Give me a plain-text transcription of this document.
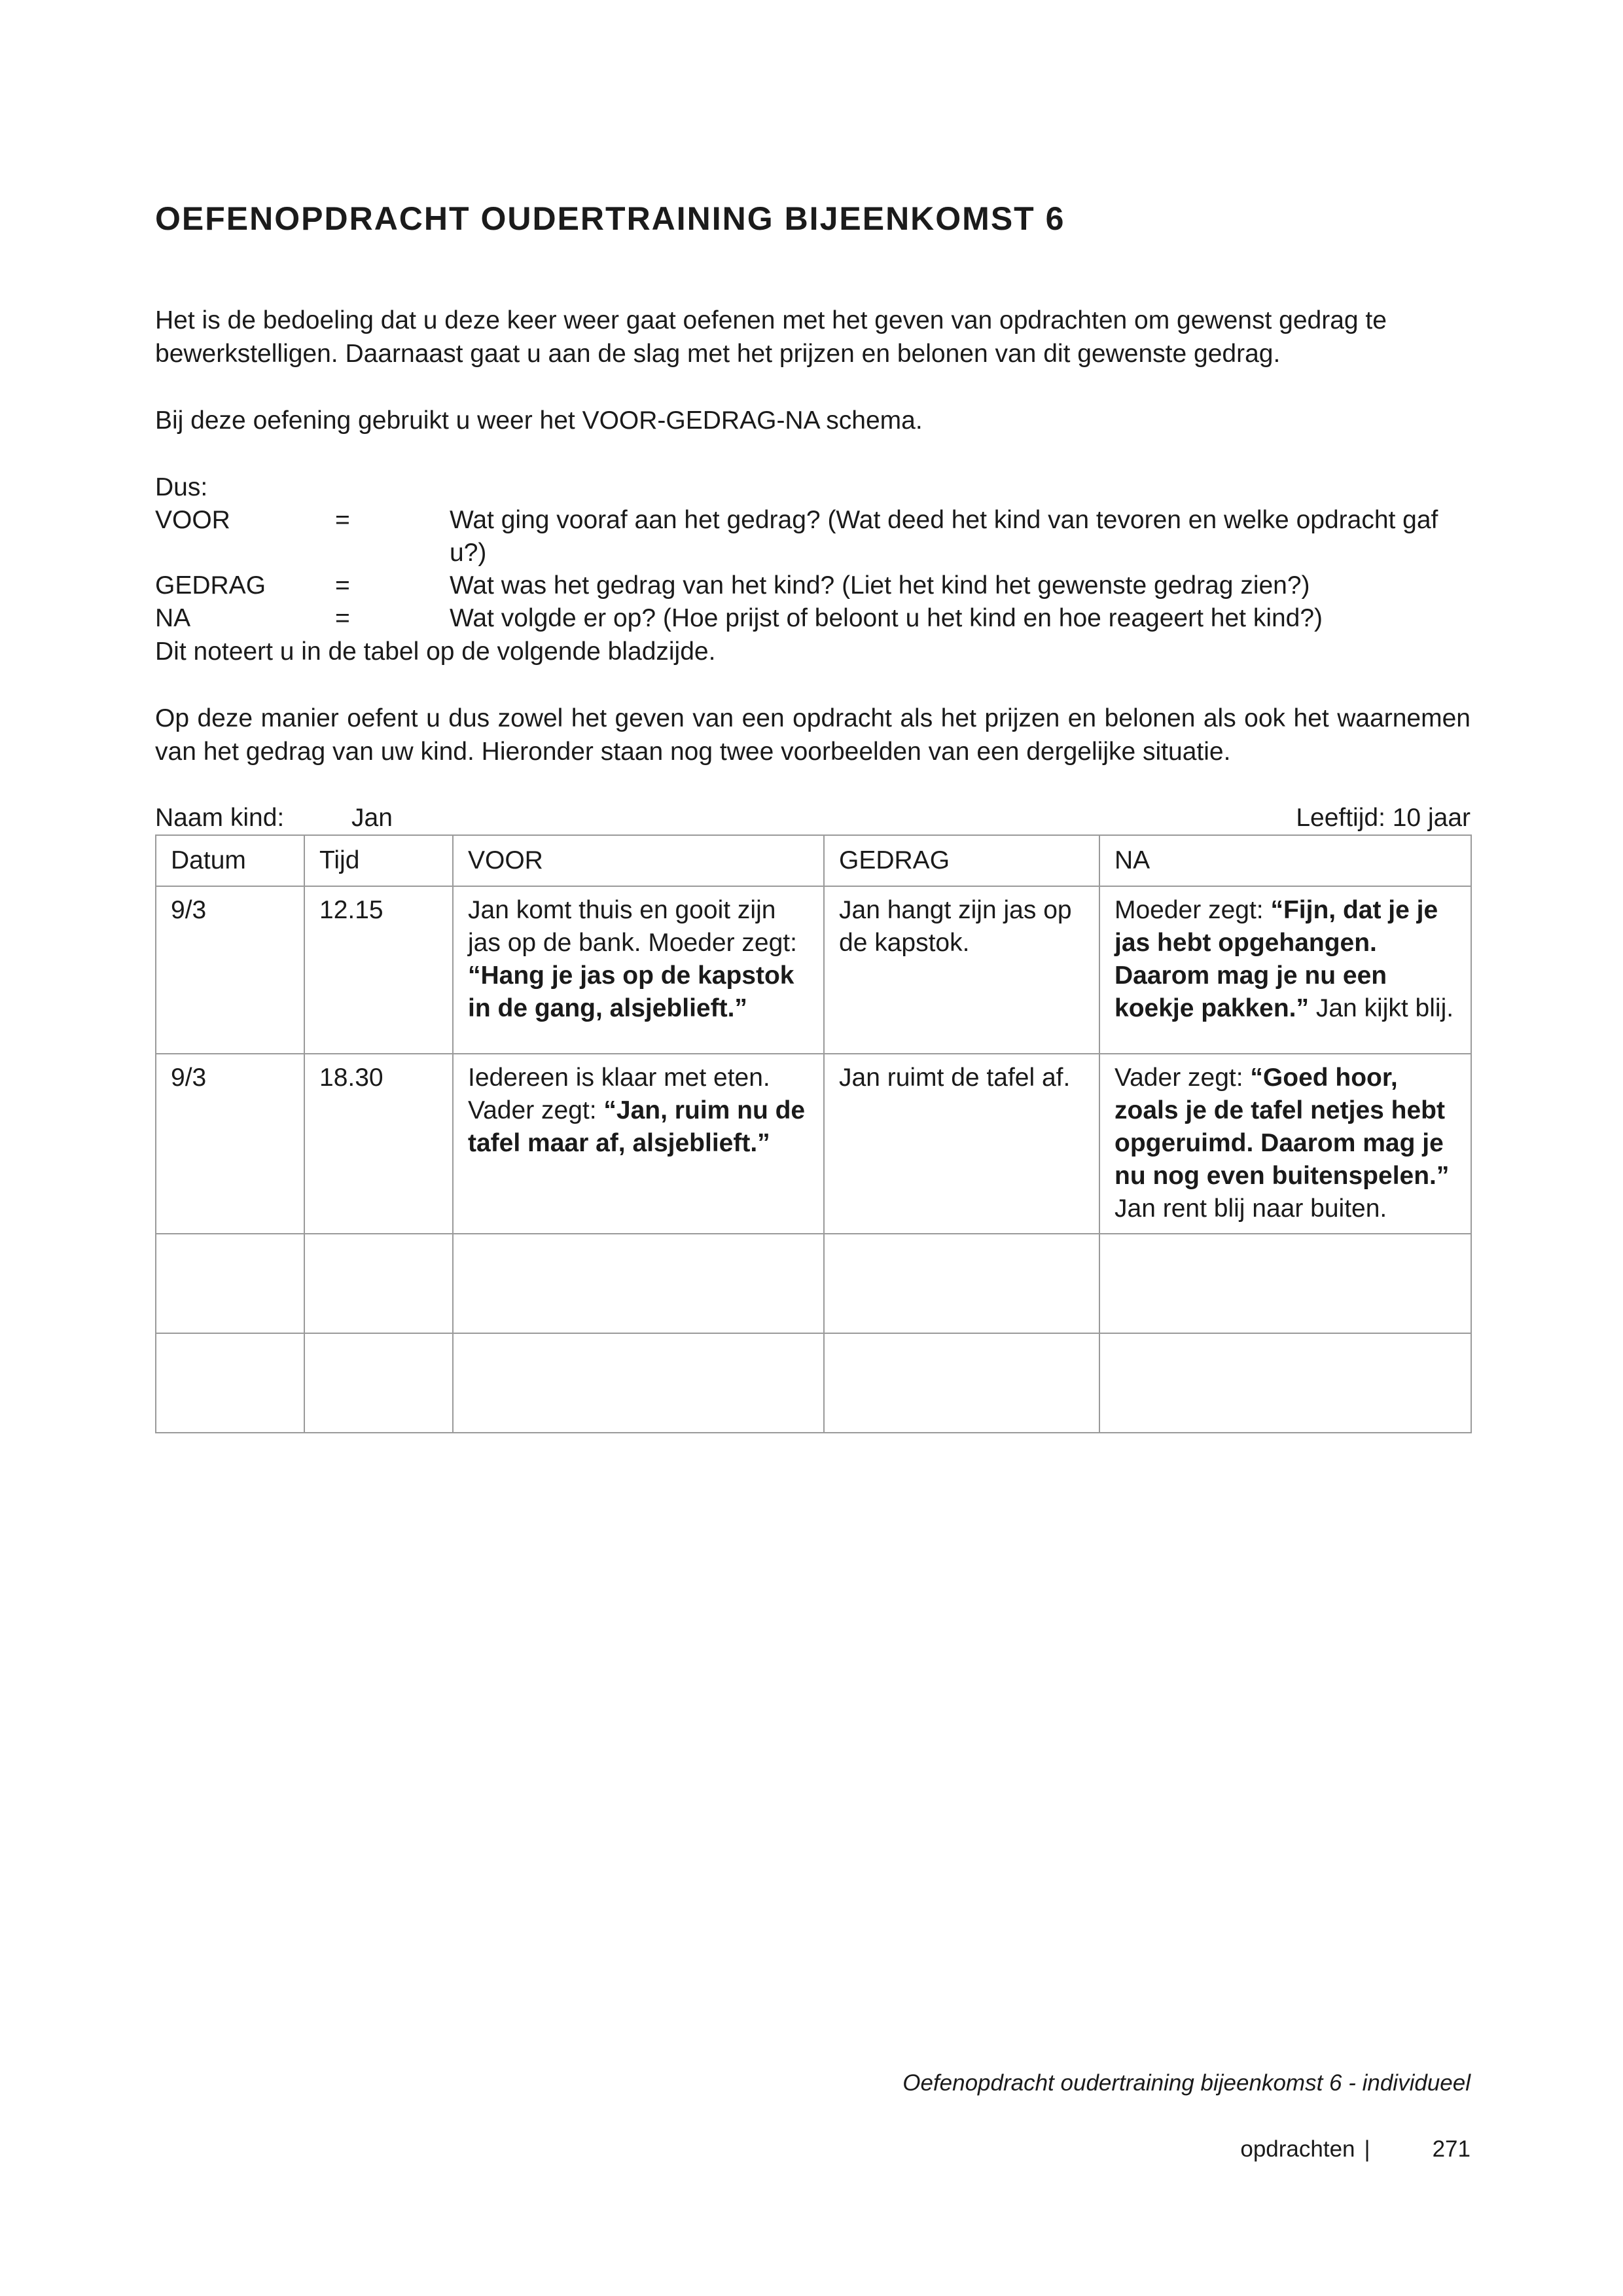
OEFENOPDRACHT OUDERTRAINING BIJEENKOMST 6

Het is de bedoeling dat u deze keer weer gaat oefenen met het geven van opdrachten om gewenst gedrag te bewerkstelligen. Daarnaast gaat u aan de slag met het prijzen en belonen van dit gewenste gedrag.

Bij deze oefening gebruikt u weer het VOOR-GEDRAG-NA schema.

Dus:

VOOR	=	Wat ging vooraf aan het gedrag? (Wat deed het kind van tevoren en welke opdracht gaf u?)
GEDRAG	=	Wat was het gedrag van het kind? (Liet het kind het gewenste gedrag zien?)
NA	=	Wat volgde er op? (Hoe prijst of beloont u het kind en hoe reageert het kind?)

Dit noteert u in de tabel op de volgende bladzijde.

Op deze manier oefent u dus zowel het geven van een opdracht als het prijzen en belonen als ook het waarnemen van het gedrag van uw kind. Hieronder staan nog twee voorbeelden van een dergelijke situatie.

Naam kind:	Jan	Leeftijd: 10 jaar
Datum	Tijd	VOOR	GEDRAG	NA
9/3	12.15	Jan komt thuis en gooit zijn jas op de bank. Moeder zegt: “Hang je jas op de kapstok in de gang, alsjeblieft.”	Jan hangt zijn jas op de kapstok.	Moeder zegt: “Fijn, dat je je jas hebt opgehangen. Daarom mag je nu een koekje pakken.” Jan kijkt blij.
9/3	18.30	Iedereen is klaar met eten. Vader zegt: “Jan, ruim nu de tafel maar af, alsjeblieft.”	Jan ruimt de tafel af.	Vader zegt: “Goed hoor, zoals je de tafel netjes hebt opgeruimd. Daarom mag je nu nog even buitenspelen.” Jan rent blij naar buiten.

Oefenopdracht oudertraining bijeenkomst 6 - individueel
opdrachten |	271
